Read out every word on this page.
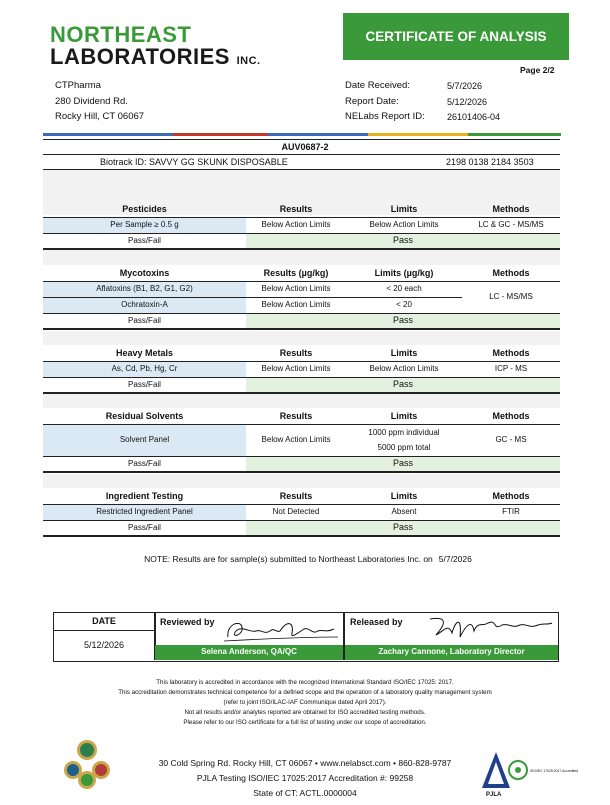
NORTHEAST
LABORATORIES INC.
CERTIFICATE OF ANALYSIS
Page 2/2
CTPharma
280 Dividend Rd.
Rocky Hill, CT 06067
Date Received:	5/7/2026
Report Date:	5/12/2026
NELabs Report ID: 26101406-04
AUV0687-2
Biotrack ID: SAVVY GG SKUNK DISPOSABLE	2198 0138 2184 3503
Pesticides	Results	Limits	Methods
Per Sample ≥ 0.5 g	Below Action Limits	Below Action Limits	LC & GC - MS/MS
Pass/Fail	Pass
Mycotoxins	Results (µg/kg)	Limits (µg/kg)	Methods
Aflatoxins (B1, B2, G1, G2)	Below Action Limits	< 20 each
Ochratoxin-A	Below Action Limits	< 20
LC - MS/MS
Pass/Fail	Pass
Heavy Metals	Results	Limits	Methods
As, Cd, Pb, Hg, Cr	Below Action Limits	Below Action Limits	ICP - MS
Pass/Fail	Pass
Residual Solvents	Results	Limits	Methods
Solvent Panel	Below Action Limits
1000 ppm individual
5000 ppm total
GC - MS
Pass/Fail	Pass
Ingredient Testing	Results	Limits	Methods
Restricted Ingredient Panel	Not Detected	Absent	FTIR
Pass/Fail	Pass
NOTE: Results are for sample(s) submitted to Northeast Laboratories Inc. on 5/7/2026
DATE
5/12/2026
Reviewed by	Released by
Selena Anderson, QA/QC	Zachary Cannone, Laboratory Director
This laboratory is accredited in accordance with the recognized International Standard ISO/IEC 17025: 2017.
This accreditation demonstrates technical competence for a defined scope and the operation of a laboratory quality management system
(refer to joint ISO/ILAC-IAF Communique dated April 2017).
Not all results and/or analytes reported are obtained for ISO accredited testing methods.
Please refer to our ISO certificate for a full list of testing under our scope of accreditation.
30 Cold Spring Rd. Rocky Hill, CT 06067 • www.nelabsct.com • 860-828-9787
PJLA Testing ISO/IEC 17025:2017 Accreditation #: 99258
State of CT: ACTL.0000004	PJLA
ISO/IEC 17025:2017 Accredited
